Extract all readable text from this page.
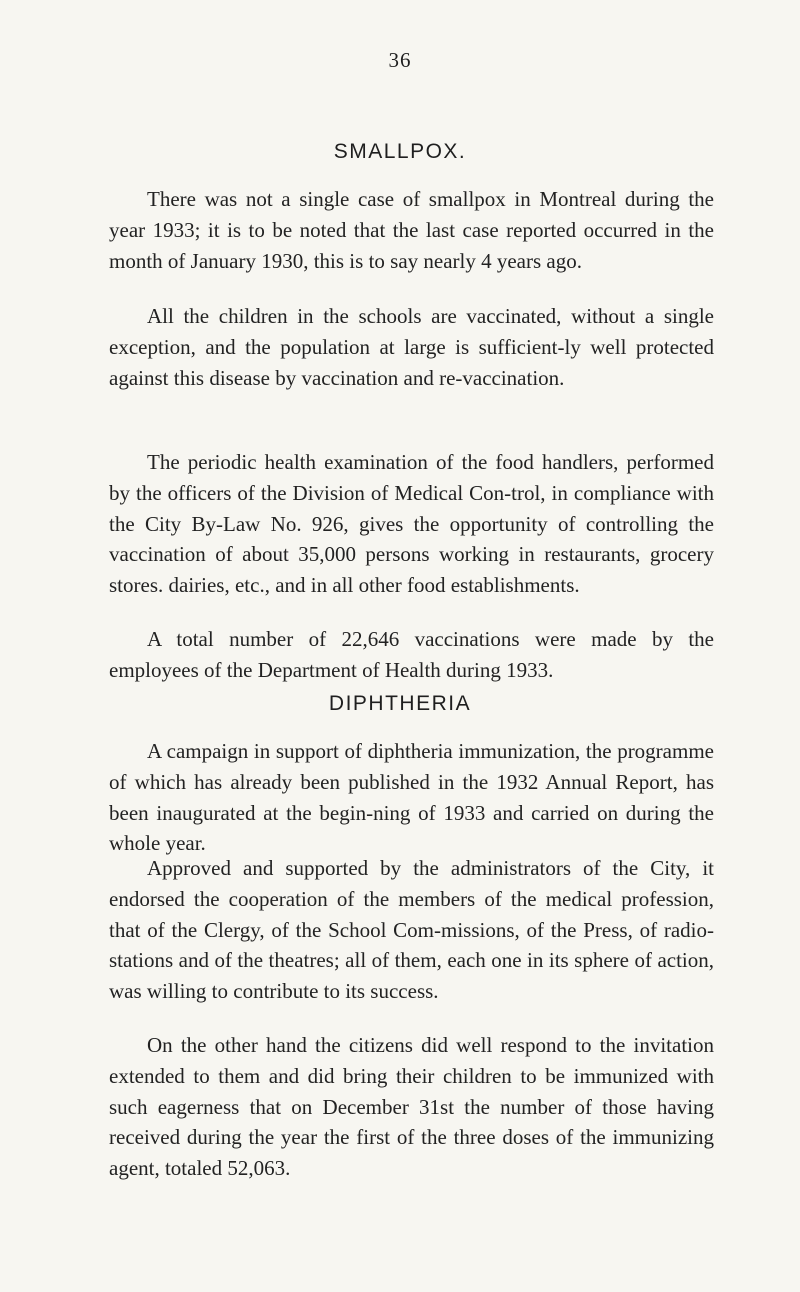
36
SMALLPOX.

There was not a single case of smallpox in Montreal during the year 1933; it is to be noted that the last case reported occurred in the month of January 1930, this is to say nearly 4 years ago.

All the children in the schools are vaccinated, without a single exception, and the population at large is sufficient-ly well protected against this disease by vaccination and re-vaccination.

The periodic health examination of the food handlers, performed by the officers of the Division of Medical Con-trol, in compliance with the City By-Law No. 926, gives the opportunity of controlling the vaccination of about 35,000 persons working in restaurants, grocery stores. dairies, etc., and in all other food establishments.

A total number of 22,646 vaccinations were made by the employees of the Department of Health during 1933.

DIPHTHERIA

A campaign in support of diphtheria immunization, the programme of which has already been published in the 1932 Annual Report, has been inaugurated at the begin-ning of 1933 and carried on during the whole year.

Approved and supported by the administrators of the City, it endorsed the cooperation of the members of the medical profession, that of the Clergy, of the School Com-missions, of the Press, of radio-stations and of the theatres; all of them, each one in its sphere of action, was willing to contribute to its success.

On the other hand the citizens did well respond to the invitation extended to them and did bring their children to be immunized with such eagerness that on December 31st the number of those having received during the year the first of the three doses of the immunizing agent, totaled 52,063.
